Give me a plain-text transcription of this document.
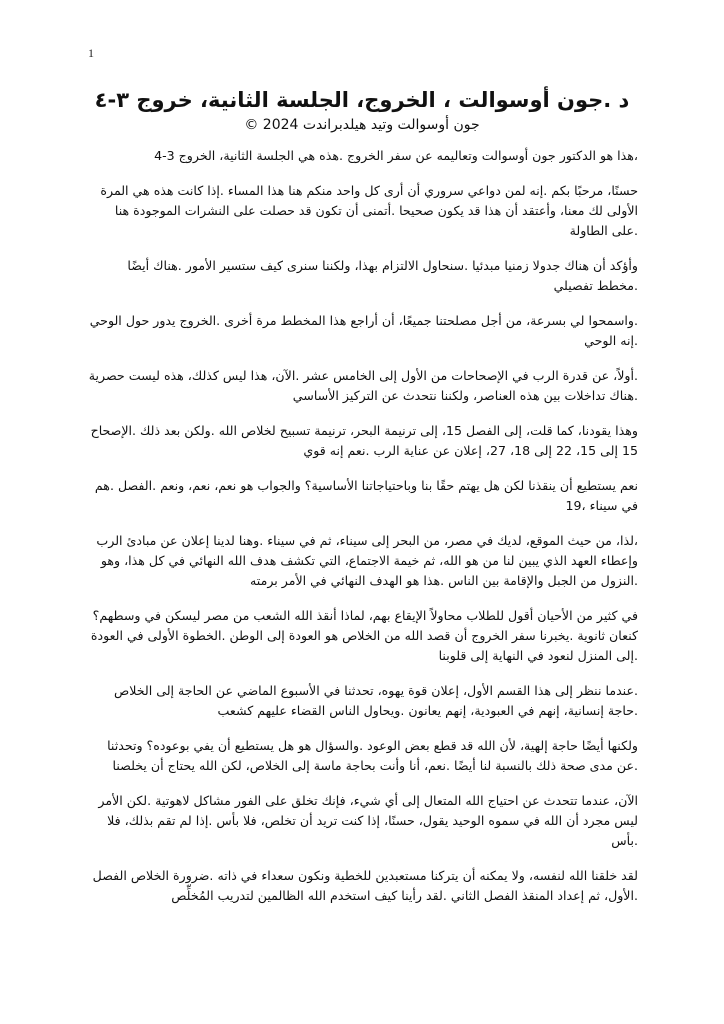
1
د .جون أوسوالت ، الخروج، الجلسة الثانية، خروج ٣-٤
جون أوسوالت وتيد هيلدبراندت 2024 ©

،هذا هو الدكتور جون أوسوالت وتعاليمه عن سفر الخروج .هذه هي الجلسة الثانية، الخروج 3-4

حسنًا، مرحبًا بكم .إنه لمن دواعي سروري أن أرى كل واحد منكم هنا هذا المساء .إذا كانت هذه هي المرة الأولى لك معنا، وأعتقد أن هذا قد يكون صحيحا .أتمنى أن تكون قد حصلت على النشرات الموجودة هنا .على الطاولة

وأؤكد أن هناك جدولا زمنيا مبدئيا .سنحاول الالتزام بهذا، ولكننا سنرى كيف ستسير الأمور .هناك أيضًا .مخطط تفصيلي

.واسمحوا لي بسرعة، من أجل مصلحتنا جميعًا، أن أراجع هذا المخطط مرة أخرى .الخروج يدور حول الوحي .إنه الوحي

.أولاً، عن قدرة الرب في الإصحاحات من الأول إلى الخامس عشر .الآن، هذا ليس كذلك، هذه ليست حصرية .هناك تداخلات بين هذه العناصر، ولكننا نتحدث عن التركيز الأساسي

وهذا يقودنا، كما قلت، إلى الفصل 15، إلى ترنيمة البحر، ترنيمة تسبيح لخلاص الله .ولكن بعد ذلك .الإصحاح 15 إلى 15، 22 إلى 18، 27، إعلان عن عناية الرب .نعم إنه قوي

نعم يستطيع أن ينقذنا لكن هل يهتم حقًا بنا وباحتياجاتنا الأساسية؟ والجواب هو نعم، نعم، ونعم .الفصل .هم في سيناء ،19

،لذا، من حيث الموقع، لديك في مصر، من البحر إلى سيناء، ثم في سيناء .وهنا لدينا إعلان عن مبادئ الرب وإعطاء العهد الذي يبين لنا من هو الله، ثم خيمة الاجتماع، التي تكشف هدف الله النهائي في كل هذا، وهو .النزول من الجبل والإقامة بين الناس .هذا هو الهدف النهائي في الأمر برمته

في كثير من الأحيان أقول للطلاب محاولاً الإيقاع بهم، لماذا أنقذ الله الشعب من مصر ليسكن في وسطهم؟ كنعان ثانوية .يخبرنا سفر الخروج أن قصد الله من الخلاص هو العودة إلى الوطن .الخطوة الأولى في العودة .إلى المنزل لنعود في النهاية إلى قلوبنا

.عندما ننظر إلى هذا القسم الأول، إعلان قوة يهوه، تحدثنا في الأسبوع الماضي عن الحاجة إلى الخلاص .حاجة إنسانية، إنهم في العبودية، إنهم يعانون .ويحاول الناس القضاء عليهم كشعب

ولكنها أيضًا حاجة إلهية، لأن الله قد قطع بعض الوعود .والسؤال هو هل يستطيع أن يفي بوعوده؟ وتحدثنا .عن مدى صحة ذلك بالنسبة لنا أيضًا .نعم، أنا وأنت بحاجة ماسة إلى الخلاص، لكن الله يحتاج أن يخلصنا

الآن، عندما تتحدث عن احتياج الله المتعال إلى أي شيء، فإنك تخلق على الفور مشاكل لاهوتية .لكن الأمر ليس مجرد أن الله في سموه الوحيد يقول، حسنًا، إذا كنت تريد أن تخلص، فلا بأس .إذا لم تقم بذلك، فلا .بأس

لقد خلقنا الله لنفسه، ولا يمكنه أن يتركنا مستعبدين للخطية ونكون سعداء في ذاته .ضرورة الخلاص الفصل .الأول، ثم إعداد المنقذ الفصل الثاني .لقد رأينا كيف استخدم الله الظالمين لتدريب المُخلِّص
